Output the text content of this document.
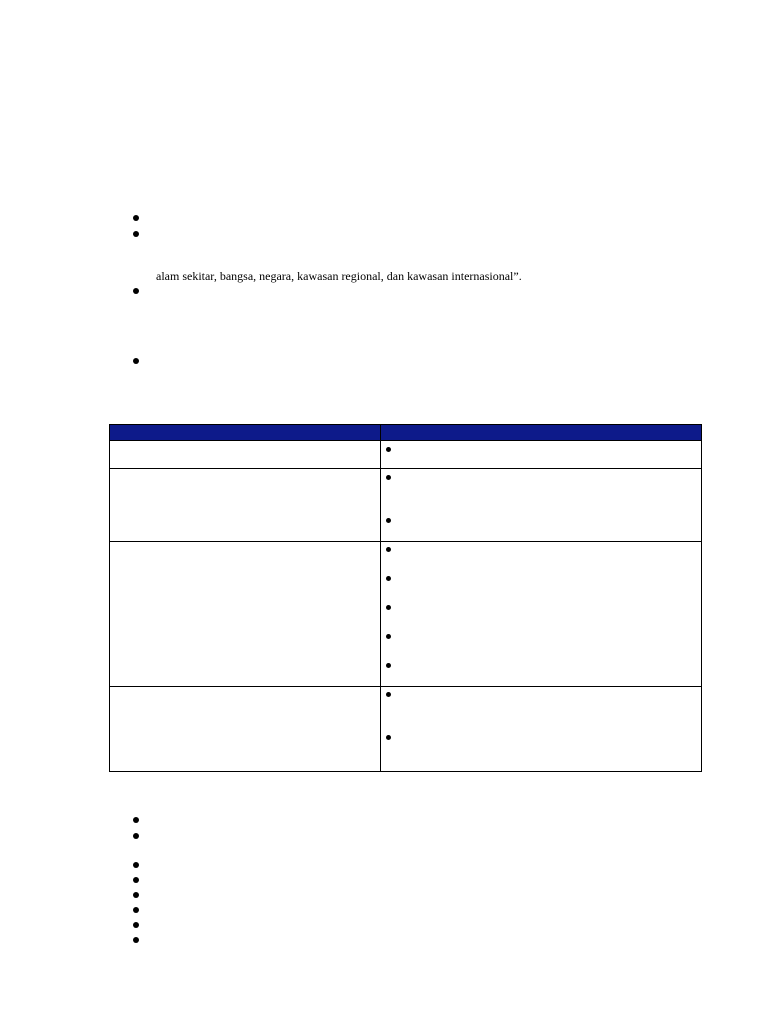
alam sekitar, bangsa, negara, kawasan regional, dan kawasan internasional”.
